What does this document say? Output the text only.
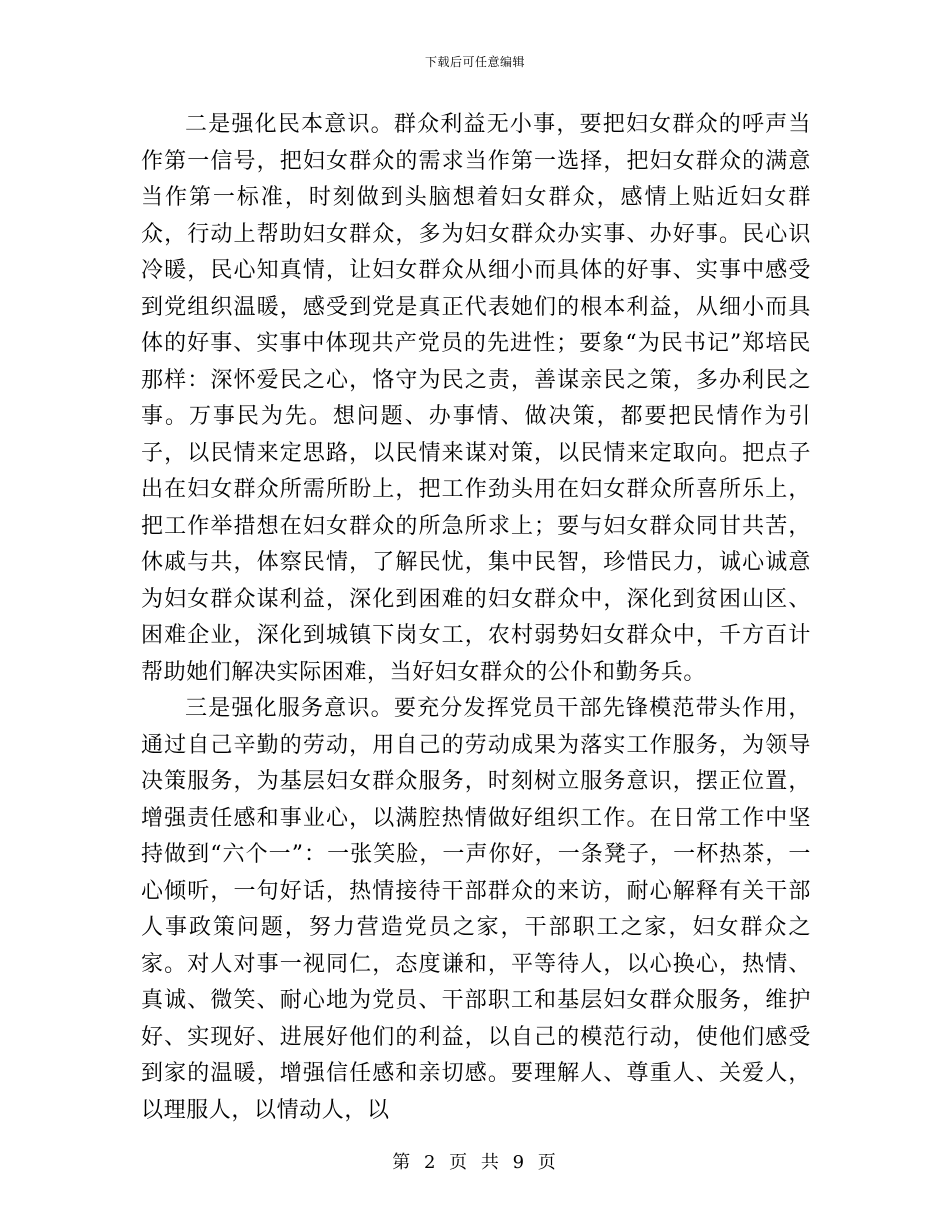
下载后可任意编辑

二是强化民本意识。群众利益无小事，要把妇女群众的呼声当作第一信号，把妇女群众的需求当作第一选择，把妇女群众的满意当作第一标准，时刻做到头脑想着妇女群众，感情上贴近妇女群众，行动上帮助妇女群众，多为妇女群众办实事、办好事。民心识冷暖，民心知真情，让妇女群众从细小而具体的好事、实事中感受到党组织温暖，感受到党是真正代表她们的根本利益，从细小而具体的好事、实事中体现共产党员的先进性；要象“为民书记”郑培民那样：深怀爱民之心，恪守为民之责，善谋亲民之策，多办利民之事。万事民为先。想问题、办事情、做决策，都要把民情作为引子，以民情来定思路，以民情来谋对策，以民情来定取向。把点子出在妇女群众所需所盼上，把工作劲头用在妇女群众所喜所乐上，把工作举措想在妇女群众的所急所求上；要与妇女群众同甘共苦，休戚与共，体察民情，了解民忧，集中民智，珍惜民力，诚心诚意为妇女群众谋利益，深化到困难的妇女群众中，深化到贫困山区、困难企业，深化到城镇下岗女工，农村弱势妇女群众中，千方百计帮助她们解决实际困难，当好妇女群众的公仆和勤务兵。

三是强化服务意识。要充分发挥党员干部先锋模范带头作用，通过自己辛勤的劳动，用自己的劳动成果为落实工作服务，为领导决策服务，为基层妇女群众服务，时刻树立服务意识，摆正位置，增强责任感和事业心，以满腔热情做好组织工作。在日常工作中坚持做到“六个一”：一张笑脸，一声你好，一条凳子，一杯热茶，一心倾听，一句好话，热情接待干部群众的来访，耐心解释有关干部人事政策问题，努力营造党员之家，干部职工之家，妇女群众之家。对人对事一视同仁，态度谦和，平等待人，以心换心，热情、真诚、微笑、耐心地为党员、干部职工和基层妇女群众服务，维护好、实现好、进展好他们的利益，以自己的模范行动，使他们感受到家的温暖，增强信任感和亲切感。要理解人、尊重人、关爱人，以理服人，以情动人，以

第 2 页 共 9 页
